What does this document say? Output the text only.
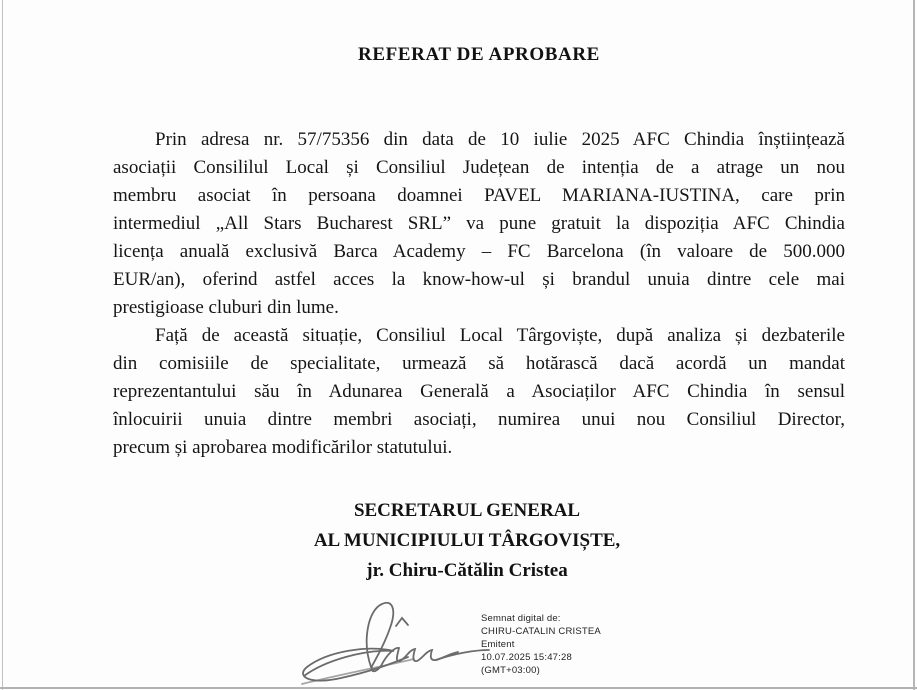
REFERAT DE APROBARE
Prin adresa nr. 57/75356 din data de 10 iulie 2025 AFC Chindia înștiințează
asociații Consililul Local și Consiliul Județean de intenția de a atrage un nou
membru asociat în persoana doamnei PAVEL MARIANA-IUSTINA, care prin
intermediul „All Stars Bucharest SRL” va pune gratuit la dispoziția AFC Chindia
licența anuală exclusivă Barca Academy – FC Barcelona (în valoare de 500.000
EUR/an), oferind astfel acces la know-how-ul și brandul unuia dintre cele mai
prestigioase cluburi din lume.
Față de această situație, Consiliul Local Târgoviște, după analiza și dezbaterile
din comisiile de specialitate, urmează să hotărască dacă acordă un mandat
reprezentantului său în Adunarea Generală a Asociaților AFC Chindia în sensul
înlocuirii unuia dintre membri asociați, numirea unui nou Consiliul Director,
precum și aprobarea modificărilor statutului.
SECRETARUL GENERAL
AL MUNICIPIULUI TÂRGOVIȘTE,
jr. Chiru-Cătălin Cristea
Semnat digital de:
CHIRU-CATALIN CRISTEA
Emitent
10.07.2025 15:47:28
(GMT+03:00)
